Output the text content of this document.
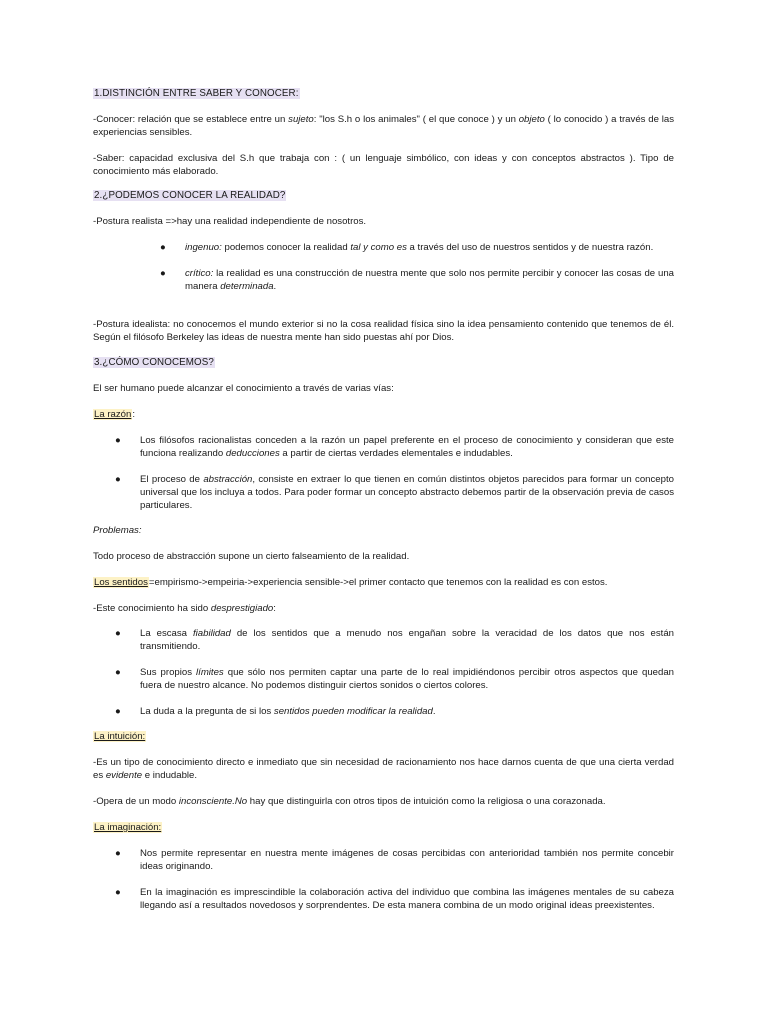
1.DISTINCIÓN ENTRE SABER Y CONOCER:

-Conocer: relación que se establece entre un sujeto: "los S.h o los animales" ( el que conoce ) y un objeto ( lo conocido ) a través de las experiencias sensibles.

-Saber: capacidad exclusiva del S.h que trabaja con : ( un lenguaje simbólico, con ideas y con conceptos abstractos ). Tipo de conocimiento más elaborado.

2.¿PODEMOS CONOCER LA REALIDAD?

-Postura realista =>hay una realidad independiente de nosotros.

● ingenuo: podemos conocer la realidad tal y como es a través del uso de nuestros sentidos y de nuestra razón.
● crítico: la realidad es una construcción de nuestra mente que solo nos permite percibir y conocer las cosas de una manera determinada.

-Postura idealista: no conocemos el mundo exterior si no la cosa realidad física sino la idea pensamiento contenido que tenemos de él. Según el filósofo Berkeley las ideas de nuestra mente han sido puestas ahí por Dios.

3.¿CÓMO CONOCEMOS?

El ser humano puede alcanzar el conocimiento a través de varias vías:

La razón:

● Los filósofos racionalistas conceden a la razón un papel preferente en el proceso de conocimiento y consideran que este funciona realizando deducciones a partir de ciertas verdades elementales e indudables.
● El proceso de abstracción, consiste en extraer lo que tienen en común distintos objetos parecidos para formar un concepto universal que los incluya a todos. Para poder formar un concepto abstracto debemos partir de la observación previa de casos particulares.

Problemas:

Todo proceso de abstracción supone un cierto falseamiento de la realidad.

Los sentidos=empirismo->empeiria->experiencia sensible->el primer contacto que tenemos con la realidad es con estos.

-Este conocimiento ha sido desprestigiado:

● La escasa fiabilidad de los sentidos que a menudo nos engañan sobre la veracidad de los datos que nos están transmitiendo.
● Sus propios límites que sólo nos permiten captar una parte de lo real impidiéndonos percibir otros aspectos que quedan fuera de nuestro alcance. No podemos distinguir ciertos sonidos o ciertos colores.
● La duda a la pregunta de si los sentidos pueden modificar la realidad.

La intuición:

-Es un tipo de conocimiento directo e inmediato que sin necesidad de racionamiento nos hace darnos cuenta de que una cierta verdad es evidente e indudable.

-Opera de un modo inconsciente.No hay que distinguirla con otros tipos de intuición como la religiosa o una corazonada.

La imaginación:

● Nos permite representar en nuestra mente imágenes de cosas percibidas con anterioridad también nos permite concebir ideas originando.
● En la imaginación es imprescindible la colaboración activa del individuo que combina las imágenes mentales de su cabeza llegando así a resultados novedosos y sorprendentes. De esta manera combina de un modo original ideas preexistentes.
